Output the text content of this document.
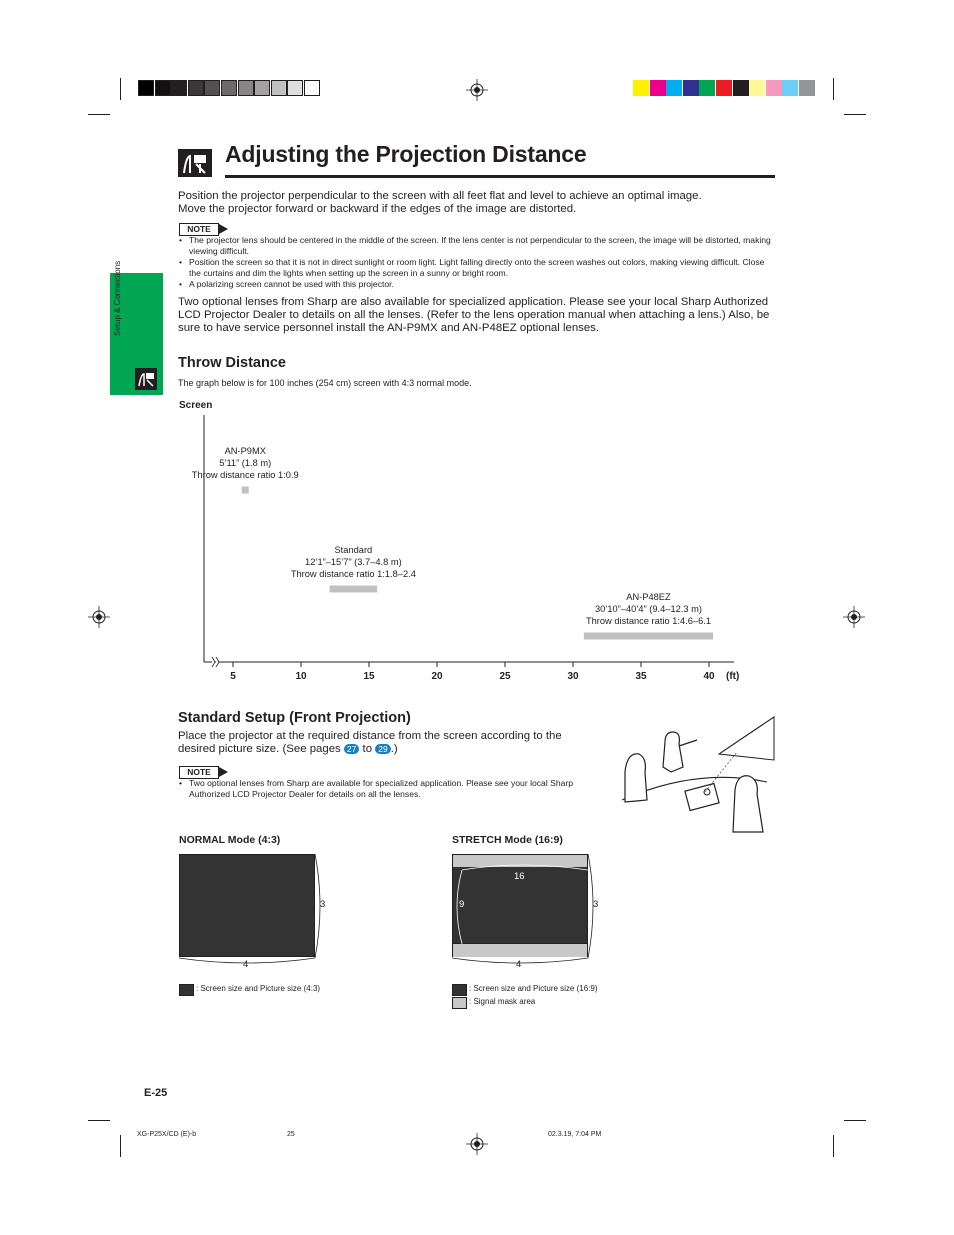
Setup & Connections
Adjusting the Projection Distance
Position the projector perpendicular to the screen with all feet flat and level to achieve an optimal image.
Move the projector forward or backward if the edges of the image are distorted.
NOTE
• The projector lens should be centered in the middle of the screen. If the lens center is not perpendicular to the screen, the image will be distorted, making viewing difficult.
• Position the screen so that it is not in direct sunlight or room light. Light falling directly onto the screen washes out colors, making viewing difficult. Close the curtains and dim the lights when setting up the screen in a sunny or bright room.
• A polarizing screen cannot be used with this projector.
Two optional lenses from Sharp are also available for specialized application. Please see your local Sharp Authorized LCD Projector Dealer to details on all the lenses. (Refer to the lens operation manual when attaching a lens.) Also, be sure to have service personnel install the AN-P9MX and AN-P48EZ optional lenses.
Throw Distance
The graph below is for 100 inches (254 cm) screen with 4:3 normal mode.
Screen
5	10	15	20	25	30	35	40 (ft)
AN-P9MX
5’11” (1.8 m)
Throw distance ratio 1:0.9
Standard
12’1”–15’7” (3.7–4.8 m)
Throw distance ratio 1:1.8–2.4
AN-P48EZ
30’10”–40’4” (9.4–12.3 m)
Throw distance ratio 1:4.6–6.1
Standard Setup (Front Projection)
Place the projector at the required distance from the screen according to the desired picture size. (See pages 27 to 29 .)
NOTE
• Two optional lenses from Sharp are available for specialized application. Please see your local Sharp Authorized LCD Projector Dealer for details on all the lenses.
NORMAL Mode (4:3)	STRETCH Mode (16:9)
3
4
16
9	3
4
: Screen size and Picture size (4:3)	: Screen size and Picture size (16:9)
: Signal mask area
E-25
XG-P25X/CD (E)-b	25	02.3.19, 7:04 PM
